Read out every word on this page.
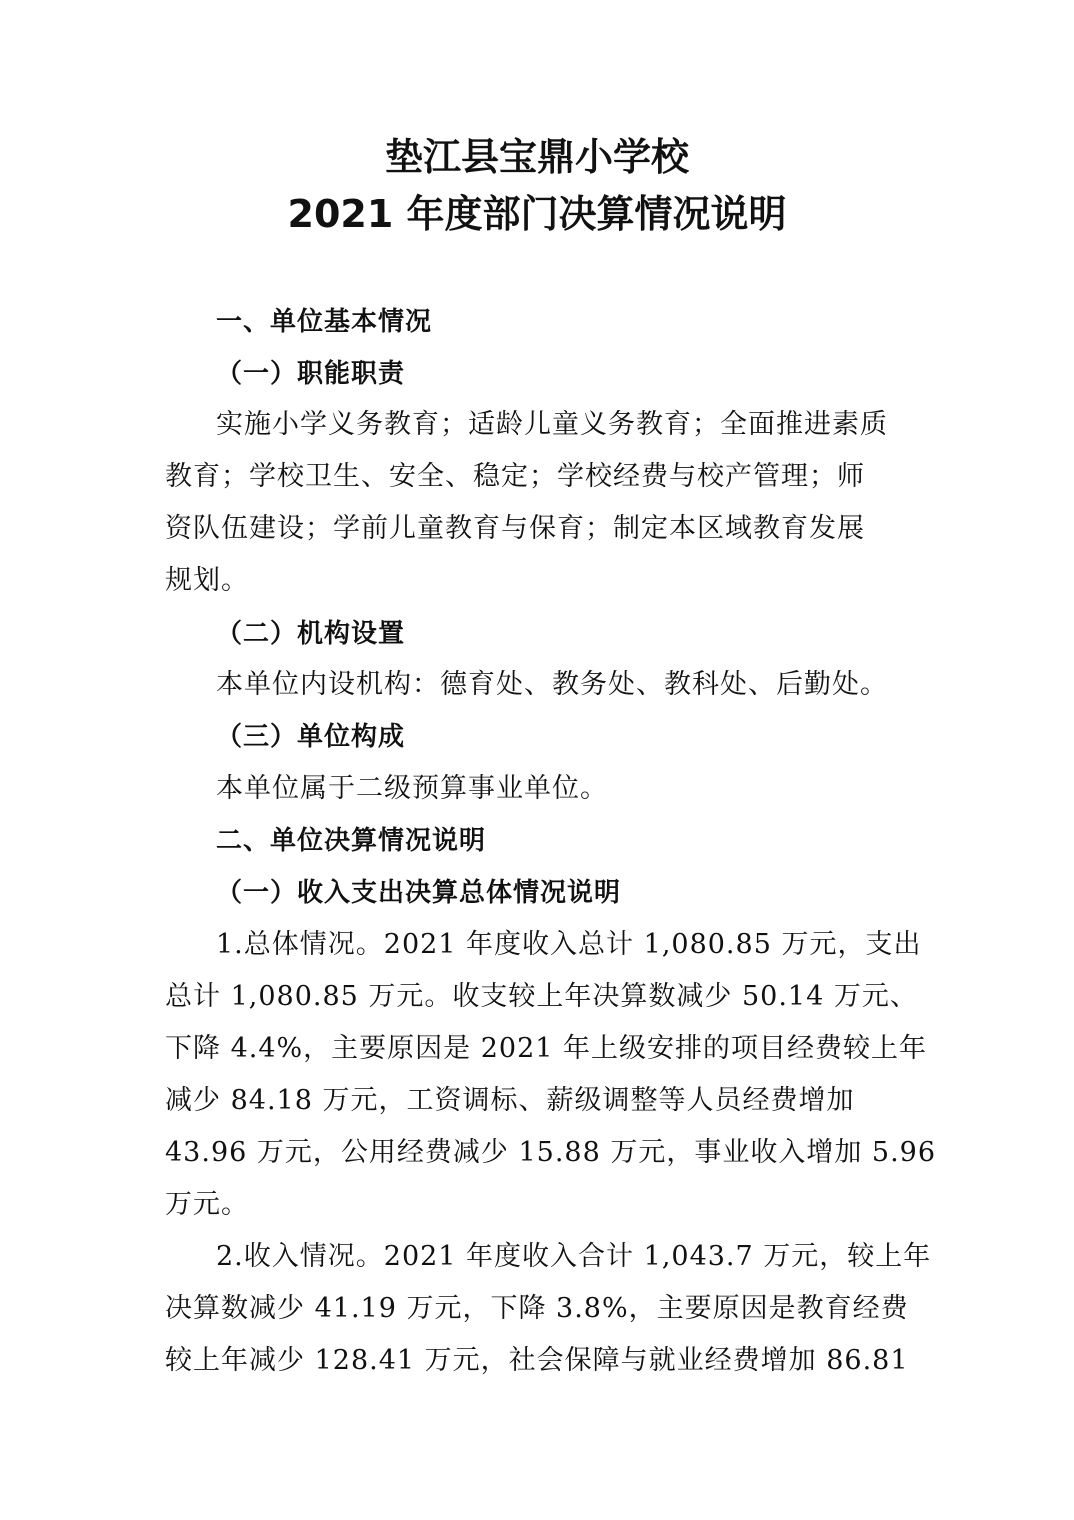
垫江县宝鼎小学校
2021 年度部门决算情况说明
一、单位基本情况
（一）职能职责
实施小学义务教育；适龄儿童义务教育；全面推进素质
教育；学校卫生、安全、稳定；学校经费与校产管理；师
资队伍建设；学前儿童教育与保育；制定本区域教育发展
规划。
（二）机构设置
本单位内设机构：德育处、教务处、教科处、后勤处。
（三）单位构成
本单位属于二级预算事业单位。
二、单位决算情况说明
（一）收入支出决算总体情况说明
1.总体情况。2021 年度收入总计 1,080.85 万元，支出
总计 1,080.85 万元。收支较上年决算数减少 50.14 万元、
下降 4.4%，主要原因是 2021 年上级安排的项目经费较上年
减少 84.18 万元，工资调标、薪级调整等人员经费增加
43.96 万元，公用经费减少 15.88 万元，事业收入增加 5.96
万元。
2.收入情况。2021 年度收入合计 1,043.7 万元，较上年
决算数减少 41.19 万元，下降 3.8%，主要原因是教育经费
较上年减少 128.41 万元，社会保障与就业经费增加 86.81
